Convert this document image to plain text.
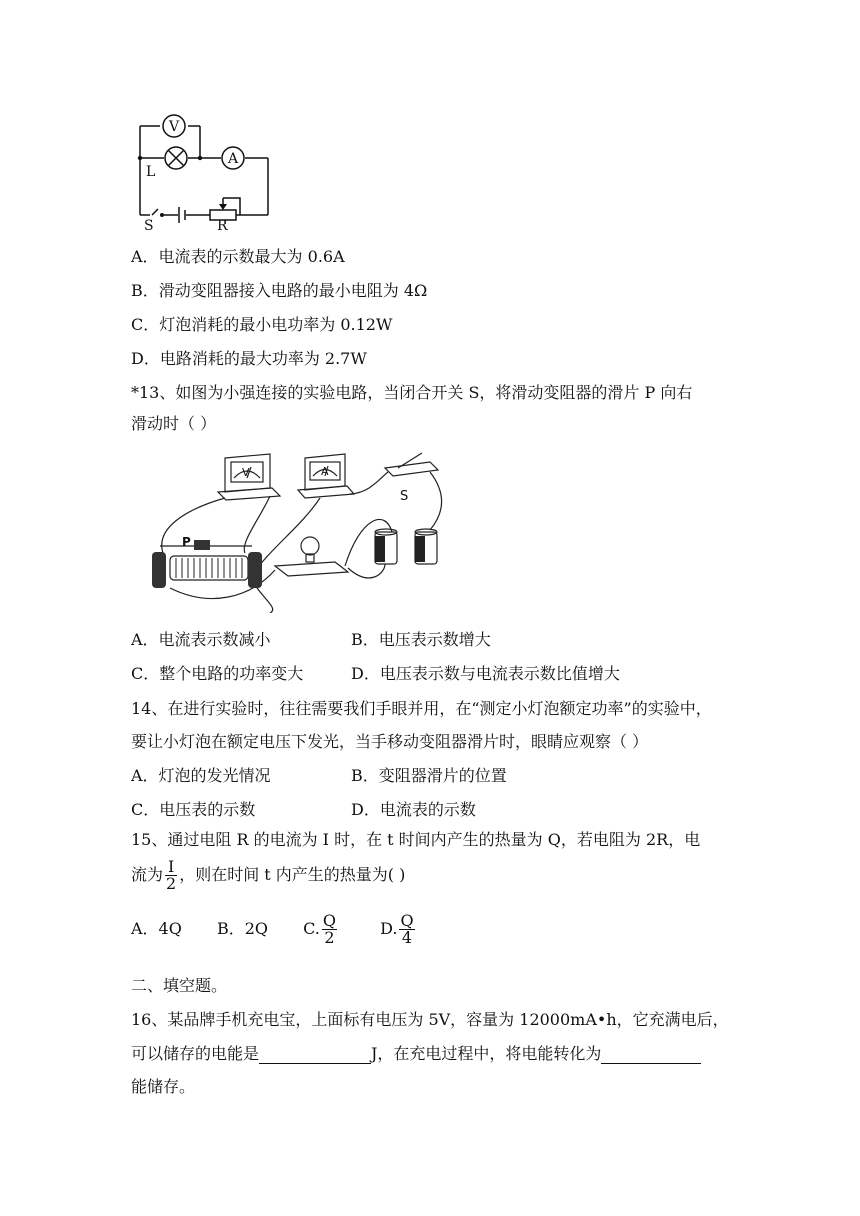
V
A
L
S	R
A．电流表的示数最大为 0.6A
B．滑动变阻器接入电路的最小电阻为 4Ω
C．灯泡消耗的最小电功率为 0.12W
D．电路消耗的最大功率为 2.7W
*13、如图为小强连接的实验电路，当闭合开关 S，将滑动变阻器的滑片 P 向右
滑动时（ ）
V	A
S
P
A．电流表示数减小	B．电压表示数增大
C．整个电路的功率变大	D．电压表示数与电流表示数比值增大
14、在进行实验时，往往需要我们手眼并用，在“测定小灯泡额定功率”的实验中，
要让小灯泡在额定电压下发光，当手移动变阻器滑片时，眼睛应观察（ ）
A．灯泡的发光情况	B．变阻器滑片的位置
C．电压表的示数	D．电流表的示数
15、通过电阻 R 的电流为 I 时，在 t 时间内产生的热量为 Q，若电阻为 2R，电
流为 $\frac{I}{2}$ ，则在时间 t 内产生的热量为( )
A．4Q B．2Q C. $\frac{Q}{2}$	D. $\frac{Q}{4}$
二、填空题。
16、某品牌手机充电宝，上面标有电压为 5V，容量为 12000mA•h，它充满电后，
可以储存的电能是	J，在充电过程中，将电能转化为
能储存。
